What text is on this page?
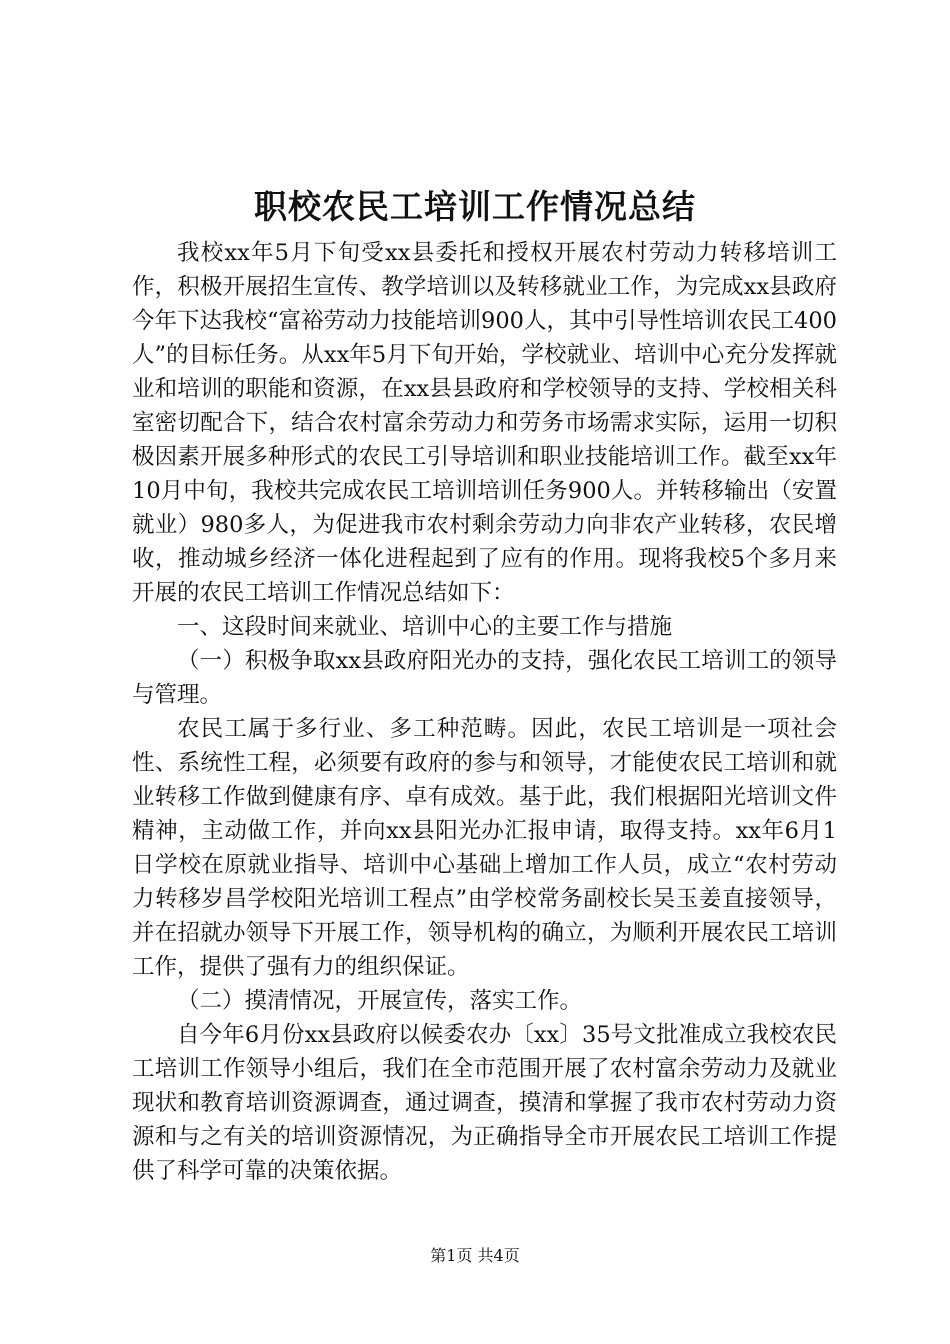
职校农民工培训工作情况总结

我校xx年5月下旬受xx县委托和授权开展农村劳动力转移培训工作，积极开展招生宣传、教学培训以及转移就业工作，为完成xx县政府今年下达我校“富裕劳动力技能培训900人，其中引导性培训农民工400人”的目标任务。从xx年5月下旬开始，学校就业、培训中心充分发挥就业和培训的职能和资源，在xx县县政府和学校领导的支持、学校相关科室密切配合下，结合农村富余劳动力和劳务市场需求实际，运用一切积极因素开展多种形式的农民工引导培训和职业技能培训工作。截至xx年10月中旬，我校共完成农民工培训培训任务900人。并转移输出（安置就业）980多人，为促进我市农村剩余劳动力向非农产业转移，农民增收，推动城乡经济一体化进程起到了应有的作用。现将我校5个多月来开展的农民工培训工作情况总结如下：

一、这段时间来就业、培训中心的主要工作与措施

（一）积极争取xx县政府阳光办的支持，强化农民工培训工的领导与管理。

农民工属于多行业、多工种范畴。因此，农民工培训是一项社会性、系统性工程，必须要有政府的参与和领导，才能使农民工培训和就业转移工作做到健康有序、卓有成效。基于此，我们根据阳光培训文件精神，主动做工作，并向xx县阳光办汇报申请，取得支持。xx年6月1日学校在原就业指导、培训中心基础上增加工作人员，成立“农村劳动力转移岁昌学校阳光培训工程点”由学校常务副校长吴玉姜直接领导，并在招就办领导下开展工作，领导机构的确立，为顺利开展农民工培训工作，提供了强有力的组织保证。

（二）摸清情况，开展宣传，落实工作。

自今年6月份xx县政府以候委农办〔xx〕35号文批准成立我校农民工培训工作领导小组后，我们在全市范围开展了农村富余劳动力及就业现状和教育培训资源调查，通过调查，摸清和掌握了我市农村劳动力资源和与之有关的培训资源情况，为正确指导全市开展农民工培训工作提供了科学可靠的决策依据。

第1页 共4页
